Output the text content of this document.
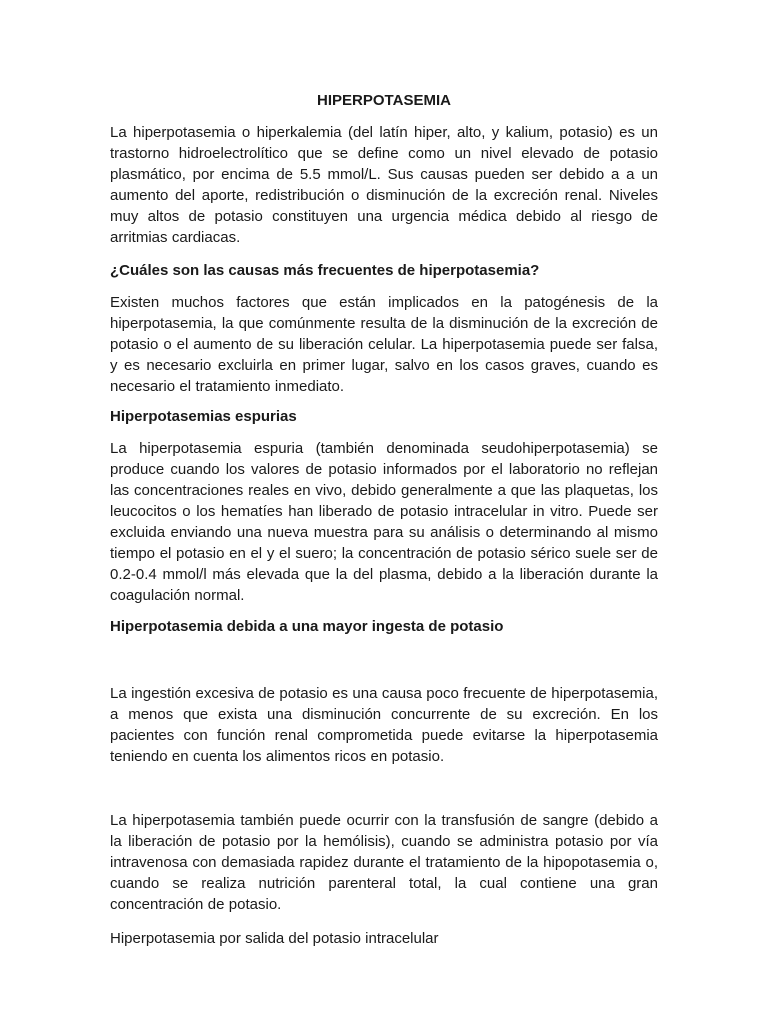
HIPERPOTASEMIA

La hiperpotasemia o hiperkalemia (del latín hiper, alto, y kalium, potasio) es un trastorno hidroelectrolítico que se define como un nivel elevado de potasio plasmático, por encima de 5.5 mmol/L. Sus causas pueden ser debido a a un aumento del aporte, redistribución o disminución de la excreción renal. Niveles muy altos de potasio constituyen una urgencia médica debido al riesgo de arritmias cardiacas.

¿Cuáles son las causas más frecuentes de hiperpotasemia?

Existen muchos factores que están implicados en la patogénesis de la hiperpotasemia, la que comúnmente resulta de la disminución de la excreción de potasio o el aumento de su liberación celular. La hiperpotasemia puede ser falsa, y es necesario excluirla en primer lugar, salvo en los casos graves, cuando es necesario el tratamiento inmediato.

Hiperpotasemias espurias

La hiperpotasemia espuria (también denominada seudohiperpotasemia) se produce cuando los valores de potasio informados por el laboratorio no reflejan las concentraciones reales en vivo, debido generalmente a que las plaquetas, los leucocitos o los hematíes han liberado de potasio intracelular in vitro. Puede ser excluida enviando una nueva muestra para su análisis o determinando al mismo tiempo el potasio en el y el suero; la concentración de potasio sérico suele ser de 0.2-0.4 mmol/l más elevada que la del plasma, debido a la liberación durante la coagulación normal.

Hiperpotasemia debida a una mayor ingesta de potasio

La ingestión excesiva de potasio es una causa poco frecuente de hiperpotasemia, a menos que exista una disminución concurrente de su excreción. En los pacientes con función renal comprometida puede evitarse la hiperpotasemia teniendo en cuenta los alimentos ricos en potasio.

La hiperpotasemia también puede ocurrir con la transfusión de sangre (debido a la liberación de potasio por la hemólisis), cuando se administra potasio por vía intravenosa con demasiada rapidez durante el tratamiento de la hipopotasemia o, cuando se realiza nutrición parenteral total, la cual contiene una gran concentración de potasio.

Hiperpotasemia por salida del potasio intracelular
